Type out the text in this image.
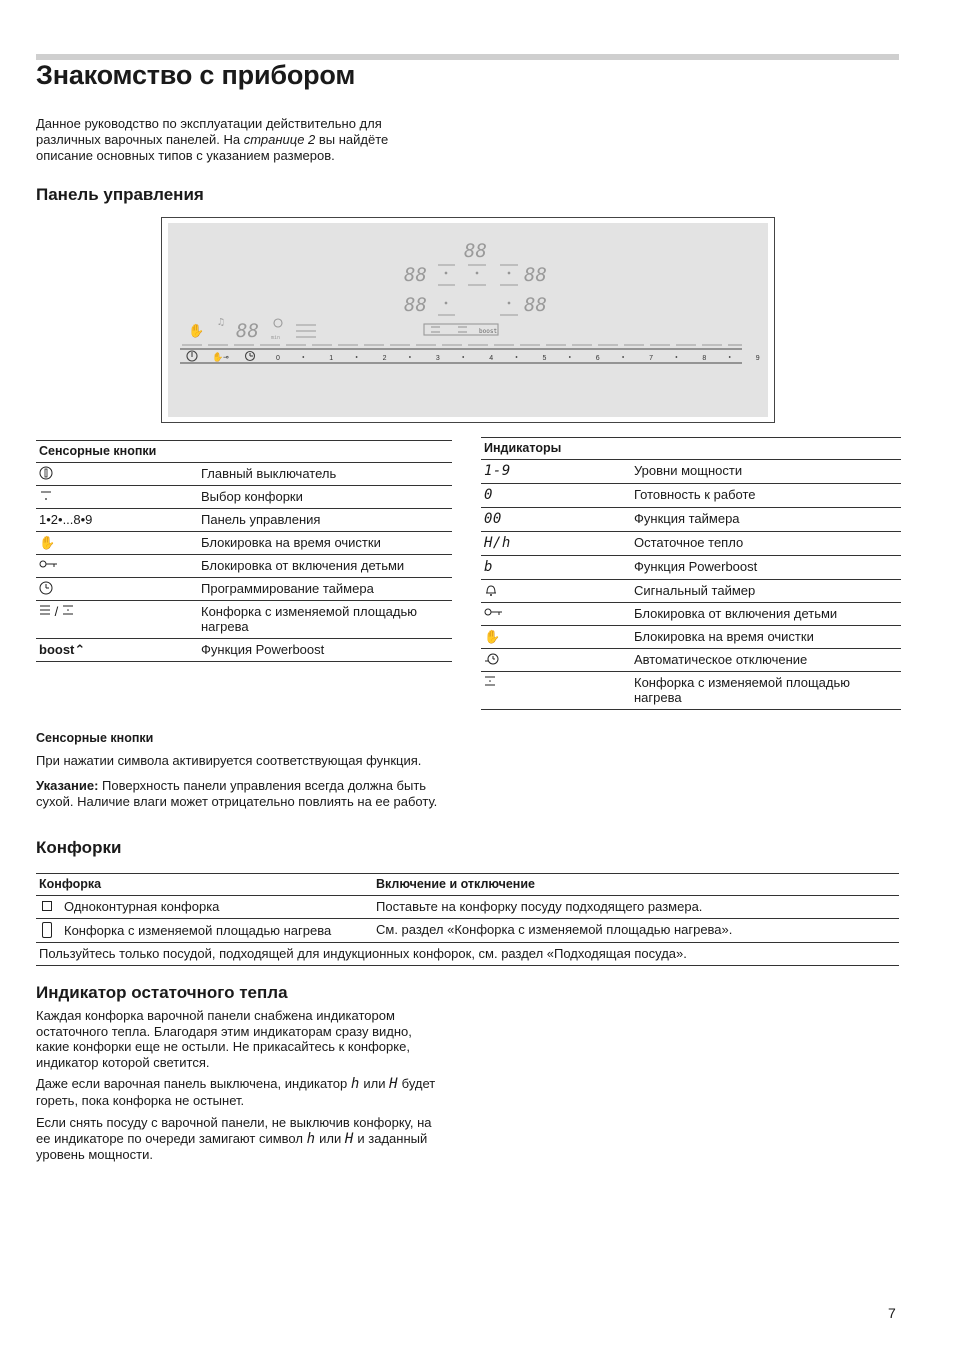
Знакомство с прибором

Данное руководство по эксплуатации действительно для различных варочных панелей. На странице 2 вы найдёте описание основных типов с указанием размеров.

Панель управления
88
88	88
88	88
✋
♫ 88 min
boost
✋⊸	0	1	2	3	4	5	6	7	8	9
Сенсорные кнопки	

	Главный выключатель

	Выбор конфорки
1•2•...8•9	Панель управления
✋	Блокировка на время очистки

	Блокировка от включения детьми

	Программирование таймера
/	Конфорка с изменяемой площадью нагрева
boost⌃	Функция Powerboost
Индикаторы	
1-9	Уровни мощности
0	Готовность к работе
00	Функция таймера
H/h	Остаточное тепло
b	Функция Powerboost

	Сигнальный таймер

	Блокировка от включения детьми
✋	Блокировка на время очистки

	Автоматическое отключение

	Конфорка с изменяемой площадью нагрева

Сенсорные кнопки

При нажатии символа активируется соответствующая функция.

Указание: Поверхность панели управления всегда должна быть сухой. Наличие влаги может отрицательно повлиять на ее работу.

Конфорки
Конфорка	Включение и отключение
Одноконтурная конфорка	Поставьте на конфорку посуду подходящего размера.
Конфорка с изменяемой площадью нагрева	См. раздел «Конфорка с изменяемой площадью нагрева».
Пользуйтесь только посудой, подходящей для индукционных конфорок, см. раздел «Подходящая посуда».	
Индикатор остаточного тепла

Каждая конфорка варочной панели снабжена индикатором остаточного тепла. Благодаря этим индикаторам сразу видно, какие конфорки еще не остыли. Не прикасайтесь к конфорке, индикатор которой светится.

Даже если варочная панель выключена, индикатор h или H будет гореть, пока конфорка не остынет.

Если снять посуду с варочной панели, не выключив конфорку, на ее индикаторе по очереди замигают символ h или H и заданный уровень мощности.

7
